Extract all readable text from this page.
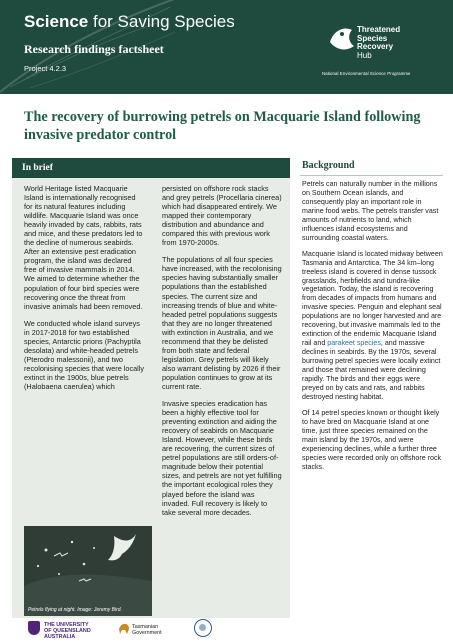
Science for Saving Species
Research findings factsheet
Project 4.2.3
Threatened
Species
Recovery
Hub
National Environmental Science Programme
The recovery of burrowing petrels on Macquarie Island following invasive predator control
In brief

World Heritage listed Macquarie Island is internationally recognised for its natural features including wildlife. Macquarie Island was once heavily invaded by cats, rabbits, rats and mice, and these predators led to the decline of numerous seabirds. After an extensive pest eradication program, the island was declared free of invasive mammals in 2014. We aimed to determine whether the population of four bird species were recovering once the threat from invasive animals had been removed.

We conducted whole island surveys in 2017-2018 for two established species, Antarctic prions (Pachyptila desolata) and white-headed petrels (Pterodro malessonii), and two recolonising species that were locally extinct in the 1900s, blue petrels (Halobaena caerulea) which

persisted on offshore rock stacks and grey petrels (Procellaria cinerea) which had disappeared entirely. We mapped their contemporary distribution and abundance and compared this with previous work from 1970-2000s.

The populations of all four species have increased, with the recolonising species having substantially smaller populations than the established species. The current size and increasing trends of blue and white-headed petrel populations suggests that they are no longer threatened with extinction in Australia, and we recommend that they be delisted from both state and federal legislation. Grey petrels will likely also warrant delisting by 2026 if their population continues to grow at its current rate.

Invasive species eradication has been a highly effective tool for preventing extinction and aiding the recovery of seabirds on Macquarie Island. However, while these birds are recovering, the current sizes of petrel populations are still orders-of-magnitude below their potential sizes, and petrels are not yet fulfilling the important ecological roles they played before the island was invaded. Full recovery is likely to take several more decades.

Petrels flying at night. Image: Jeremy Bird.
Background

Petrels can naturally number in the millions on Southern Ocean islands, and consequently play an important role in marine food webs. The petrels transfer vast amounts of nutrients to land, which influences island ecosystems and surrounding coastal waters.

Macquarie Island is located midway between Tasmania and Antarctica. The 34 km–long treeless island is covered in dense tussock grasslands, herbfields and tundra-like vegetation. Today, the island is recovering from decades of impacts from humans and invasive species. Penguin and elephant seal populations are no longer harvested and are recovering, but invasive mammals led to the extinction of the endemic Macquarie Island rail and parakeet species, and massive declines in seabirds. By the 1970s, several burrowing petrel species were locally extinct and those that remained were declining rapidly. The birds and their eggs were preyed on by cats and rats, and rabbits destroyed nesting habitat.

Of 14 petrel species known or thought likely to have bred on Macquarie Island at one time, just three species remained on the main island by the 1970s, and were experiencing declines, while a further three species were recorded only on offshore rock stacks.

THE UNIVERSITY
OF QUEENSLAND
AUSTRALIA
Tasmanian
Government
